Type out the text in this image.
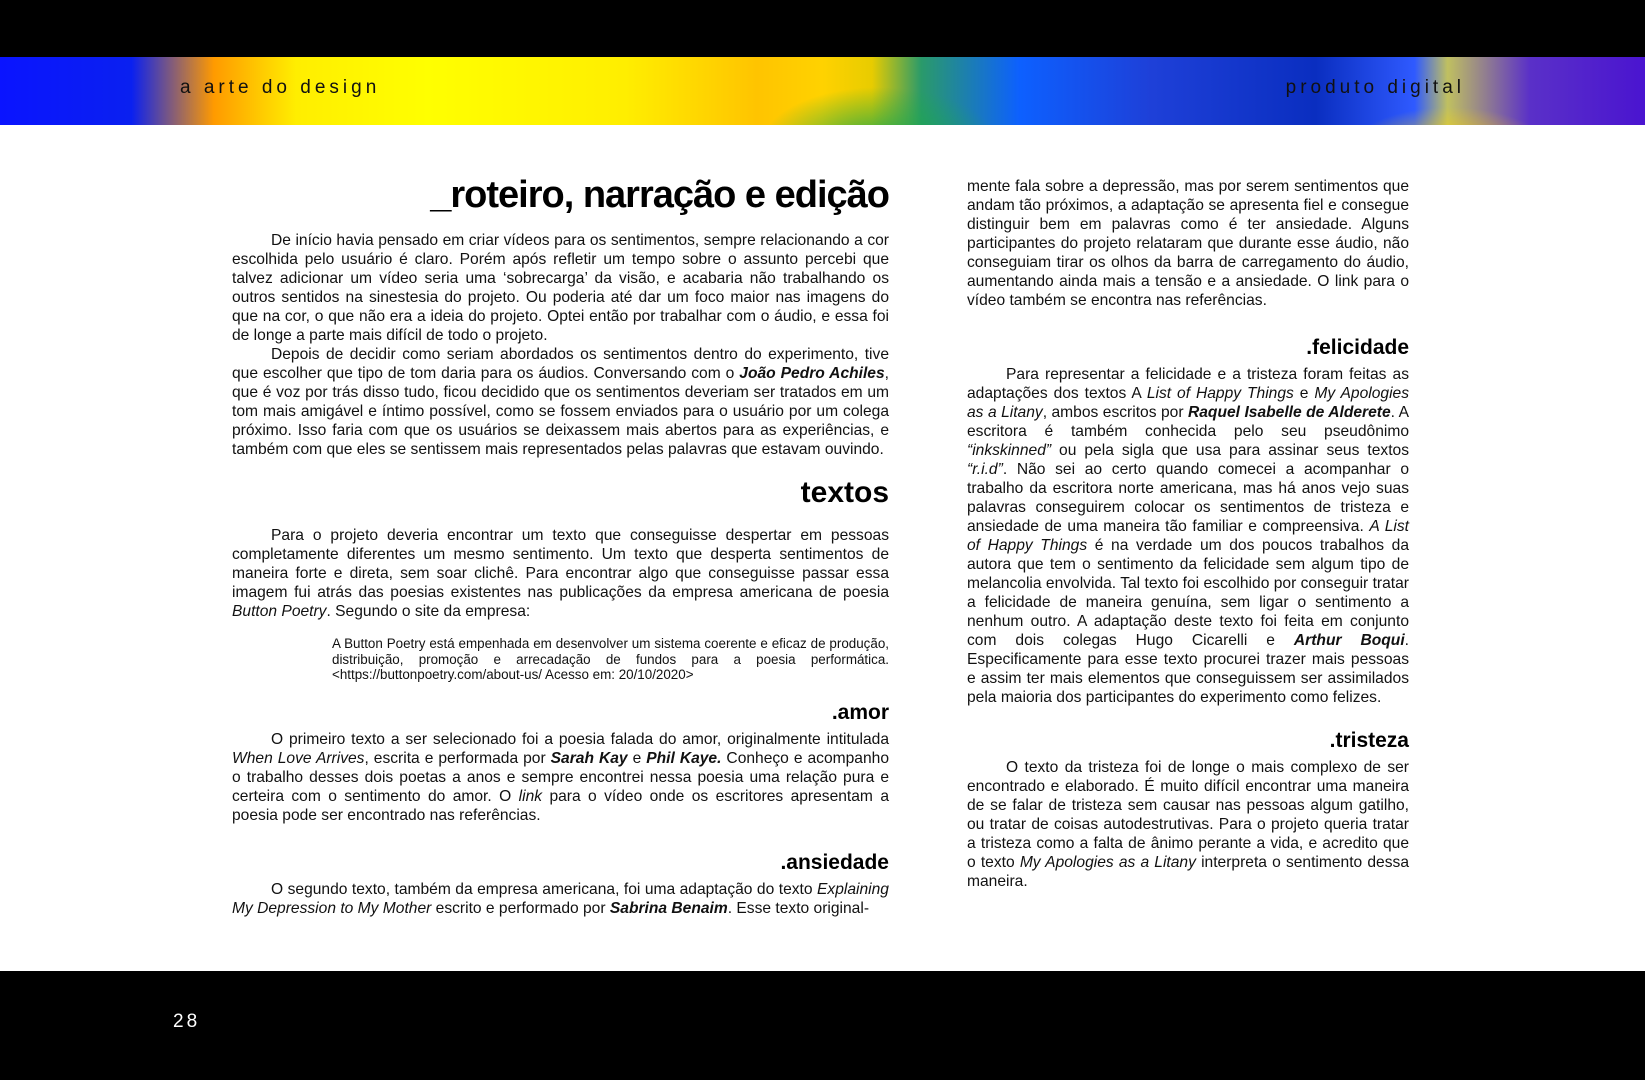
a arte do design	produto digital
_roteiro, narração e edição

De início havia pensado em criar vídeos para os sentimentos, sempre relacionando a cor escolhida pelo usuário é claro. Porém após refletir um tempo sobre o assunto percebi que talvez adicionar um vídeo seria uma ‘sobrecarga’ da visão, e acabaria não trabalhando os outros sentidos na sinestesia do projeto. Ou poderia até dar um foco maior nas imagens do que na cor, o que não era a ideia do projeto. Optei então por trabalhar com o áudio, e essa foi de longe a parte mais difícil de todo o projeto.

Depois de decidir como seriam abordados os sentimentos dentro do experimento, tive que escolher que tipo de tom daria para os áudios. Conversando com o João Pedro Achiles, que é voz por trás disso tudo, ficou decidido que os sentimentos deveriam ser tratados em um tom mais amigável e íntimo possível, como se fossem enviados para o usuário por um colega próximo. Isso faria com que os usuários se deixassem mais abertos para as experiências, e também com que eles se sentissem mais representados pelas palavras que estavam ouvindo.

textos

Para o projeto deveria encontrar um texto que conseguisse despertar em pessoas completamente diferentes um mesmo sentimento. Um texto que desperta sentimentos de maneira forte e direta, sem soar clichê. Para encontrar algo que conseguisse passar essa imagem fui atrás das poesias existentes nas publicações da empresa americana de poesia Button Poetry. Segundo o site da empresa:

A Button Poetry está empenhada em desenvolver um sistema coerente e eficaz de produção, distribuição, promoção e arrecadação de fundos para a poesia performática. <https://buttonpoetry.com/about-us/ Acesso em: 20/10/2020>
.amor

O primeiro texto a ser selecionado foi a poesia falada do amor, originalmente intitulada When Love Arrives, escrita e performada por Sarah Kay e Phil Kaye. Conheço e acompanho o trabalho desses dois poetas a anos e sempre encontrei nessa poesia uma relação pura e certeira com o sentimento do amor. O link para o vídeo onde os escritores apresentam a poesia pode ser encontrado nas referências.

.ansiedade

O segundo texto, também da empresa americana, foi uma adaptação do texto Explaining My Depression to My Mother escrito e performado por Sabrina Benaim. Esse texto original-

mente fala sobre a depressão, mas por serem sentimentos que andam tão próximos, a adaptação se apresenta fiel e consegue distinguir bem em palavras como é ter ansiedade. Alguns participantes do projeto relataram que durante esse áudio, não conseguiam tirar os olhos da barra de carregamento do áudio, aumentando ainda mais a tensão e a ansiedade. O link para o vídeo também se encontra nas referências.

.felicidade

Para representar a felicidade e a tristeza foram feitas as adaptações dos textos A List of Happy Things e My Apologies as a Litany, ambos escritos por Raquel Isabelle de Alderete. A escritora é também conhecida pelo seu pseudônimo “inkskinned” ou pela sigla que usa para assinar seus textos “r.i.d”. Não sei ao certo quando comecei a acompanhar o trabalho da escritora norte americana, mas há anos vejo suas palavras conseguirem colocar os sentimentos de tristeza e ansiedade de uma maneira tão familiar e compreensiva. A List of Happy Things é na verdade um dos poucos trabalhos da autora que tem o sentimento da felicidade sem algum tipo de melancolia envolvida. Tal texto foi escolhido por conseguir tratar a felicidade de maneira genuína, sem ligar o sentimento a nenhum outro. A adaptação deste texto foi feita em conjunto com dois colegas Hugo Cicarelli e Arthur Boqui. Especificamente para esse texto procurei trazer mais pessoas e assim ter mais elementos que conseguissem ser assimilados pela maioria dos participantes do experimento como felizes.

.tristeza

O texto da tristeza foi de longe o mais complexo de ser encontrado e elaborado. É muito difícil encontrar uma maneira de se falar de tristeza sem causar nas pessoas algum gatilho, ou tratar de coisas autodestrutivas. Para o projeto queria tratar a tristeza como a falta de ânimo perante a vida, e acredito que o texto My Apologies as a Litany interpreta o sentimento dessa maneira.

28
